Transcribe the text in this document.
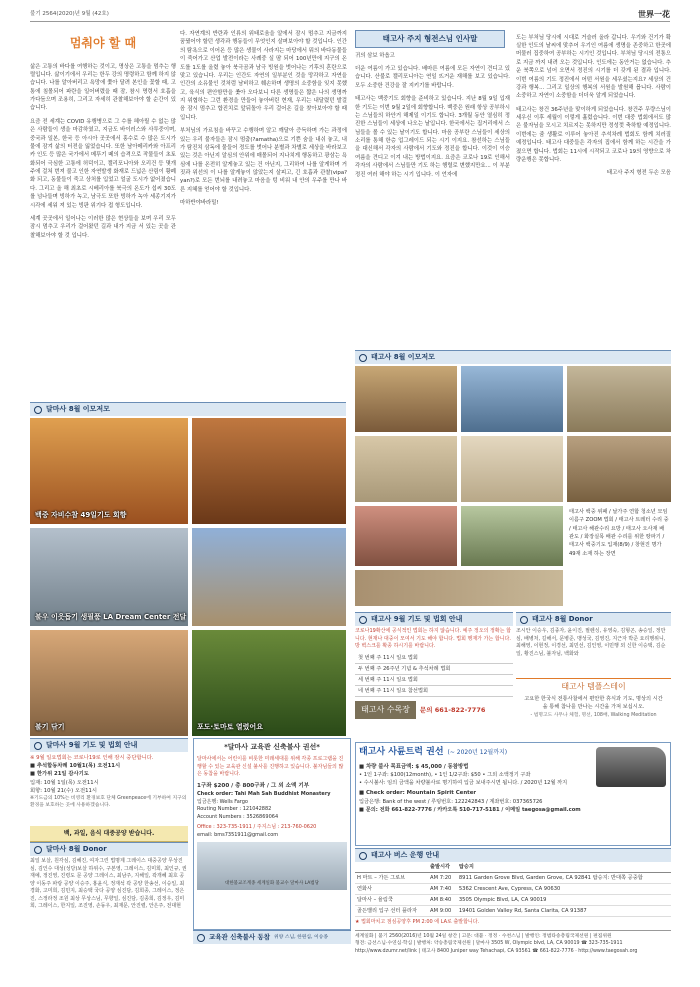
불기 2564(2020)년 9월 (42호)	世界一花
멈춰야 할 때

삶은 고통의 바다를 여행하는 것이고, 명상은 고통을 멈추는 행렬입니다. 삶이기에서 우리는 한두 강의 명령하고 함께 하지 않습니다. 나를 알아버리고 욕망에 쫓아 달려 본인을 꽃할 때, 고통에 침몰되어 파란을 일어버렸을 때 잠, 참시 명령서 호흡을 가다듬으며 조용히, 그리고 자세히 관찰해보아야 할 순간이 있습니다.

요즘 전 세계는 COVID 유행병으로 그 수를 헤아릴 수 없는 많은 사람들이 생을 마감하였고, 지금도 바이러스와 사투중이며, 중국과 일본, 한국 등 아시아 곳곳에서 홍수로 수 많은 도시가 물에 잠겨 삶의 터전을 잃었습니다. 또한 남아메리카와 아프리카 인도 등 많은 국가에서 메뚜기 떼의 습격으로 작물들이 초토화되어 극심한 고통에 허덕이고, 캘리포니아와 오리건 등 몇개 주에 걸쳐 번져 불고 인한 자연발생 화재로 드넓은 산림이 황폐화 되고, 동물들이 죽고 상처를 입었고 얼굴 도시가 없어졌습니다. 그리고 올 해 최초로 시베리아를 북극의 온도가 섭씨 30도를 넘나들며 빙하가 녹고, 남극도 또한 빙하가 녹아 세종기지가 시각에 세워 져 있는 빙판 위기다 접 형도입니다.

세계 곳곳에서 일어나는 이러한 많은 현상들을 보며 우리 모두 잠시 멈추고 우리가 걸어왔던 길과 내가 지금 서 있는 곳을 관찰해보아야 할 것 입니다.

다. 자연계의 반란과 인류의 위태로움을 알에서 잠시 멈추고 지금까지 꿈꿨어야 할던 생각과 행동들이 무엇인지 살펴보아야 할 것입니다. 인간의 탐욕으로 이어온 등 많은 생물이 사라지는 마당에서 뭐의 바다동물들이 죽어가고 산업 발전이라는 사례중 실 땀 되어 100년만에 지구의 온도를 1도를 올렸 놓아 북극곰과 남극 빙원을 벗어나는 기후의 혼란으로 맞고 있습니다. 우리는 인간도 자연의 일부분인 것을 망각하고 자연을 인간의 소유물인 것처럼 남비하고 훼손하며 생명의 소중함을 잊지 못했고, 육식의 편안함만을 좇아 오다보니 다른 생명들은 짧은 나의 생명까지 위협하는 그런 환경을 만들어 놓아버린 현재, 우리는 내달렸던 발걸음 잠시 멈추고 합진치로 앞뒤돌아 우리 걸어온 길을 찾아보아야 할 때입니다.

부처님의 가르침을 바꾸고 수행하며 알고 깨달아 증득하며 가는 과정에 있는 우리 불자들은 잠시 멈춤(?amatha)으로 기쁜 숨을 내쉬 놓고, 내가 탐진치 삼독에 물들어 정도를 벗어나 분별과 차별로 세상을 바라보고 있는 것은 아닌지 알심의 안위에 매몰되어 지나치게 행동하고 광삼는 욕심에 나를 온전히 알게놓고 있는 건 아닌지, 그리하여 나를 알게하며 거짓과 위선의 이 나를 알게놓이 않았는지 살피고, 긴 호흡과 관찰(vipa?yan?)로 모든 번뇌를 내려놓고 마음을 텅 비워 내 안의 우주를 만나 바른 지혜를 얻어야 할 것입니다.

마하반야바라밀!

태고사 주지 형전스님 인사말

귀의 삼보 하옵고

더운 여름이 가고 있습니다. 배마른 여름에 모든 자연이 견디고 있습니다. 산불로 캘리포니아는 연일 뜨거운 재해를 보고 있습니다. 모두 소중한 건강을 잘 지키기를 바랍니다.

태고사는 백중기도 회향을 준비하고 있습니다. 지난 8월 9일 입재한 기도는 이번 9월 2일에 회향합니다. 백중은 원래 항상 공부하시는 스님들의 하안거 해제일 이기도 합니다. 3개월 동안 열심히 정진한 스님들이 세상에 나오는 날입니다. 한국에서는 집거리에서 스님들을 볼 수 있는 날이기도 합니다. 마음 공부란 스님들이 세상의 소리를 통해 한층 업그레이드 되는 시기 이지요. 참선하는 스님들을 대신해서 각자의 사람에서 기도와 정진을 합니다. 이것이 이승 여름을 견디고 이겨 내는 방법이지요. 요즘은 코로나 19로 인해서 각자의 사람에서 스님들만 기도 하는 행렬로 변했지만요... 이 부분 정진 여러 해야 하는 시기 입니다. 이 언자에

도는 부처님 당시에 시대로 거슬러 올라 갑니다. 우기와 건기가 확실한 인도의 날씨에 맞추어 우기인 여름에 생명을 존중하고 한곳에 머물러 집중하여 공부하는 시기인 것입니다. 부처님 당시의 전통으로 지금 까지 내려 오는 것입니다. 인도에는 동안거는 없습니다. 추운 북쪽으로 넘어 오면서 정진의 시기를 더 갖게 된 결과 입니다. 이번 여름의 기도 정진에서 어떤 서원을 세우셨는지요? 세상의 건강과 행복... 그리고 일상의 행복의 서원을 발원해 봅니다. 사람이 소중하고 자연이 소중함을 더더욱 알게 되었습니다.

태고사는 창건 36주년을 맞이하게 되었습니다. 창건주 무량스님이 세우신 이후 세월이 이렇게 흘렀습니다. 이번 대중 법회에서도 많은 불자님을 모시고 치르지는 못하지만 정성껏 축하할 예정입니다. 이번에는 쥼 생활로 이루어 놓아진 추석차례 법회도 함께 치러질 예정입니다. 태고사 대중들은 각자의 집에서 함께 하는 시간을 가졌으면 합니다. 법회는 11시에 시작되고 코로나 19의 영향으로 차량운행은 못합니다.

태고사 주지 형전 두손 모음

태고사 8월 이모저모
태고사 백중 위패 / 날가주 연합 청소년 모임 이름구 ZOOM 법회 / 태고사 트레터 수리 중 / 태고사 해관수리 요방 / 태고사 오사재 배관도 / 화장실목 배관 수리를 위한 땅파기 / 태고사 백중기도 입재(8/9) / 창현진 명가 49재 소재 하는 장면
달마사 8월 이모저모
백중 자비수참 49일기도 회향
불우 이웃돕기 생필품 LA Dream Center 전달
불기 닦기	포도·토마토 열렸어요
태고사 9월 기도 및 법회 안내
코로나19확산에 공식적인 법회는 하지 않습니다. 예주 정오의 정확는 합니다. 현재나 대중이 모여서 기도 해야 합니다. 법회 행재가 가는 합니다. 방 벽스크를 확종 하시기를 바랍니다.
첫 번째 주 11시 일요 법회
두 번째 주 26주년 기념 & 추석차례 법회
세 번째 주 11시 일요 법회
네 번째 주 11시 일요 참선법회
태고사 수목장	문의 661-822-7776
태고사 8월 Donor
조시안 이승우, 김종자, 윤이진, 필렌싱, 유영숙, 김형곤, 송승일, 정만심, 배병처, 길해서, 문병준, 맹성국, 김영진, 지근자 박준 요리행위니, 최해영, 이현정, 이경선, 최민선, 김인영, 이민행 외 신한 이승택, 김순일, 황진스님, 불자님, 백화와
태고사 템플스테이
고요한 한국식 전통사찰에서 편안한 휴식과 기도, 명상의 시간을 통해 참나를 만나는 시간을 가져 보십시오.
- 법명고도 사무나 체험, 명선, 108배, Walking Meditation
태고사 사륜트럭 권선 (~ 2020년 12월까지)
■ 차량 불사 목표금액: $ 45,000 / 동참방법
• 1인 1구좌: $100(12month), • 1인 1/2구좌: $50 • 그외 소액정기 구좌
• 수시불사: 임의 금액을 차량불사로 명기하여 입금 보내주시면 됩니다. / 2020년 12월 까지
■ Check order: Mountain Spirit Center
입금은행: Bank of the west / 루팅번호: 122242843 / 계좌번호: 037365726
■ 문의: 전화 661-822-7776 / 카카오톡 510-717-5181 / 이메일 taegosa@gmail.com
달마사 9월 기도 및 법회 안내
※ 9월 일요법회는 코로나19로 인해 잠시 중단합니다.
■ 추석합동차례 10월1(목) 오전11시
■ 한가위 21일 감사기도
입재: 10월 1일(목) 오전11시
회향: 10월 21(수) 오전11시
※기도금의 10%는 비영리 환경보호 단체 Greenpeace에 기부하여 지구의 환경을 보호하는 곳에 사용하겠습니다.
백, 과일, 음식 대중공양 받습니다.
달마사 8월 Donor
최일 보살, 원각심, 김혜진, 여자그린 법명제 그레이스 대중공양 무상진심, 김인수 대성(성당)보살 하위수, 구본영, 그레이스, 김미희, 최인규, 권재예, 정진영, 진령도 문 공양 그레이스, 최남주, 지해일, 곽개혜 최호 공양 이동주 파랑 공양 이승주, 홍윤식, 정재석 곽 공양 한송선, 이승일, 최경화, 고미희, 김민지, 최승택 국다 공양 심진담, 김희종, 그레이스, 정은진, 스정라정 조원 최상 무상스님, 무향일, 심진담, 김종희, 김정우, 김미희, 그레이스, 한지일, 조진영, 손동우, 최재문, 안진렬, 안은주, 전대현
*달마사 교육관 신축불사 권선*
달마사에서는 어린이를 비롯한 미래세대를 위해 각종 프로그램을 진행할 수 있는 교육관 신설 불사를 진행하고 있습니다. 불자님들의 많은 동참을 바랍니다.
1구좌 $200 / 총 800구좌 / 그 외 소액 기부
Check order: Tahi Mah Sah Buddhist Monastery
입금은행: Wells Fargo
Routing Number : 121042882
Account Numbers : 3526869064
Office : 323-735-1911 / 주지스님 : 213-760-0620
email: bms7351911@gmail.com
대한불교조계종 세계일화 불교수 달마사 LA법당
교육관 신축불사 동참 위양 스님, 한원심, 이승종
태고사 버스 운행 안내
	출발시각	탑승지
H 마트 – 가든 그로브	AM 7:20	8911 Garden Grove Blvd, Garden Grove, CA 92841 탑승지: 반대쪽 공중합
연화사	AM 7:40	5362 Crescent Ave, Cypress, CA 90630
달마사 – 율림쿡	AM 8:40	3505 Olympic Blvd, LA, CA 90019
골든밸리 입구 선터 플라자	AM 9:00	19401 Golden Valley Rd, Santa Clarita, CA 91387
★ 법회마치고 점심공양후 PM 2:00 에 LA로 출발합니다.
세계일화 | 불기 2560(2016)년 10월 24일 창간 | 고문: 대불 · 정정 · 수천스님 | 발행인: 정범타송총림국제선원 | 편집위원
형전: 금선스님·수연심·학심 | 발행처: 약승총림국제선원 | 달마사 3505 W, Olympic blvd, LA, CA 90019 ☎ 323-735-1911
http://www.dzumr.net/link | 태고사 8400 Juniper way Tehachapi, CA 93561 ☎ 661-822-7776 · http://www.taegosah.org
